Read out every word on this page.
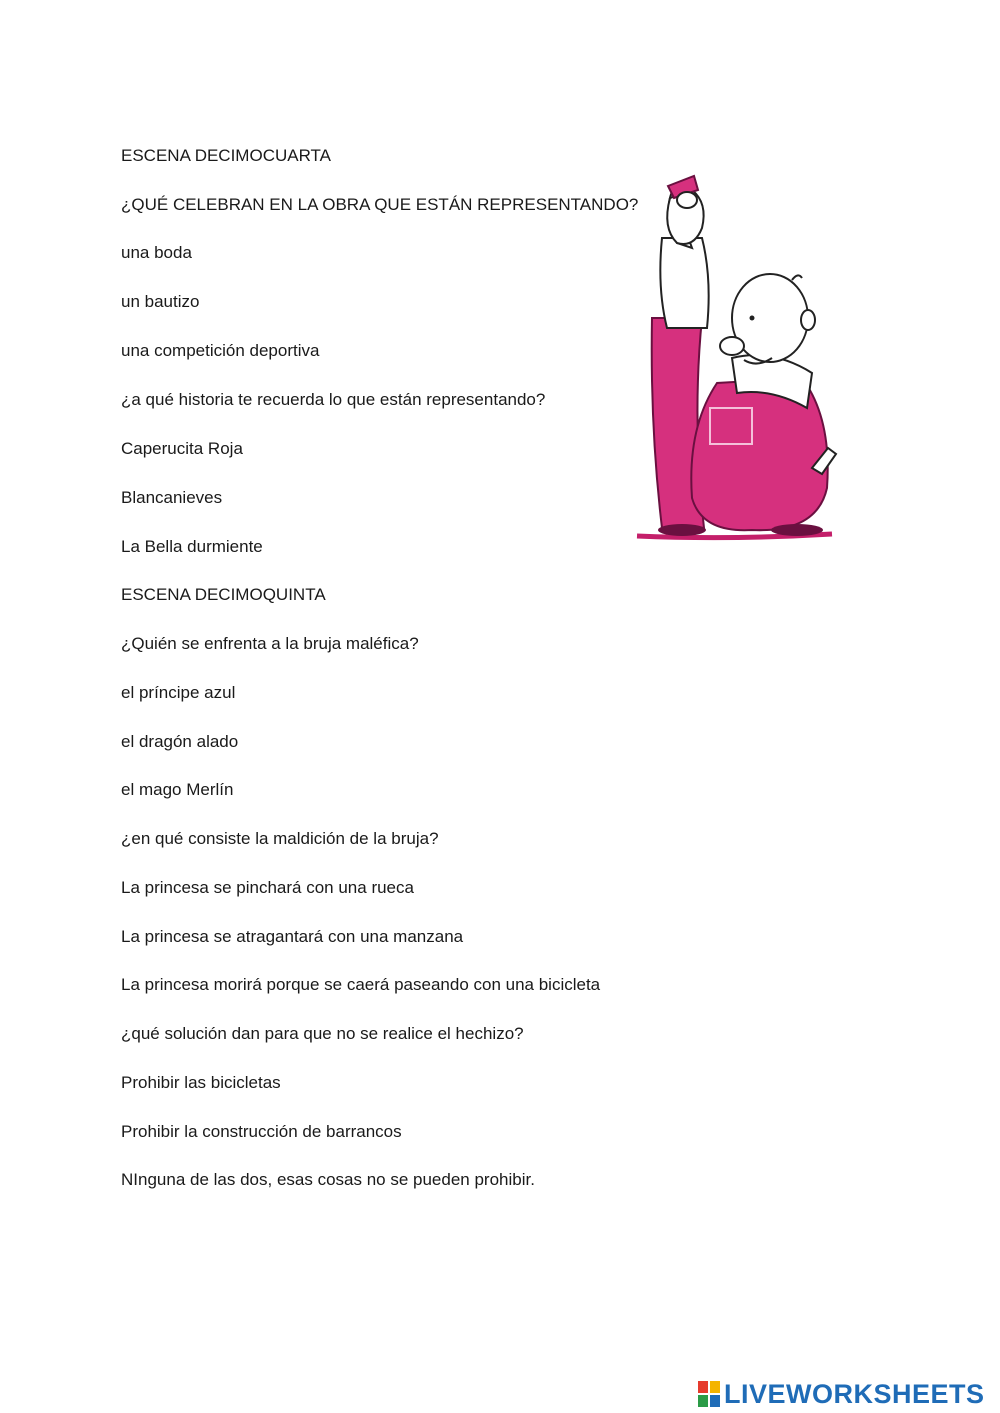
ESCENA DECIMOCUARTA
¿QUÉ CELEBRAN EN LA OBRA QUE ESTÁN REPRESENTANDO?
una boda
un bautizo
una competición deportiva
¿a qué historia te recuerda lo que están representando?
Caperucita Roja
Blancanieves
La Bella durmiente
ESCENA DECIMOQUINTA
¿Quién se enfrenta a la bruja maléfica?
el príncipe azul
el dragón alado
el mago Merlín
¿en qué consiste la maldición de la bruja?
La princesa se pinchará con una rueca
La princesa se atragantará con una manzana
La princesa morirá porque se caerá paseando con una bicicleta
¿qué solución dan para que no se realice el hechizo?
Prohibir las bicicletas
Prohibir la construcción de barrancos
NInguna de las dos, esas cosas no se pueden prohibir.
LIVEWORKSHEETS
